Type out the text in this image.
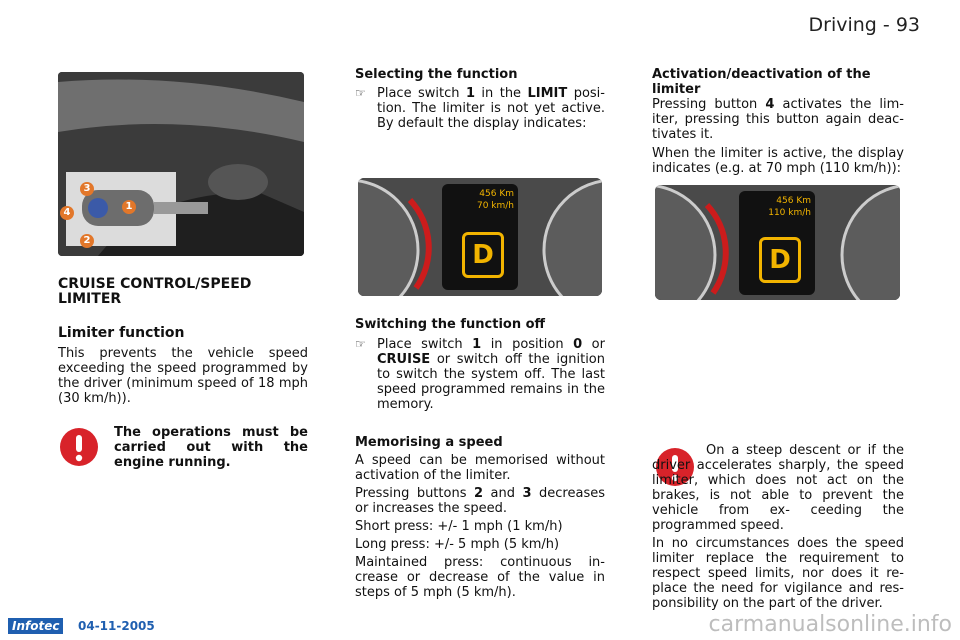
Driving - 93
3
4
1
2
CRUISE CONTROL/SPEED LIMITER
Limiter function

This prevents the vehicle speed exceeding the speed programmed by the driver (minimum speed of 18 mph (30 km/h)).

The operations must be carried out with the engine running.

Selecting the function
☞ Place switch 1 in the LIMIT posi- tion. The limiter is not yet active. By default the display indicates:

456 Km
70 km/h
D
Switching the function off
☞ Place switch 1 in position 0 or CRUISE or switch off the ignition to switch the system off. The last speed programmed remains in the memory.

Memorising a speed

A speed can be memorised without activation of the limiter.

Pressing buttons 2 and 3 decreases or increases the speed.

Short press: +/- 1 mph (1 km/h)

Long press: +/- 5 mph (5 km/h)

Maintained press: continuous in- crease or decrease of the value in steps of 5 mph (5 km/h).

Activation/deactivation of the limiter

Pressing button 4 activates the lim- iter, pressing this button again deac- tivates it.

When the limiter is active, the display indicates (e.g. at 70 mph (110 km/h)):

456 Km
110 km/h
D

On a steep descent or if the driver accelerates sharply, the speed limiter, which does not act on the brakes, is not able to prevent the vehicle from ex- ceeding the programmed speed.

In no circumstances does the speed limiter replace the requirement to respect speed limits, nor does it re- place the need for vigilance and res- ponsibility on the part of the driver.

Infotec	04-11-2005	carmanualsonline.info
